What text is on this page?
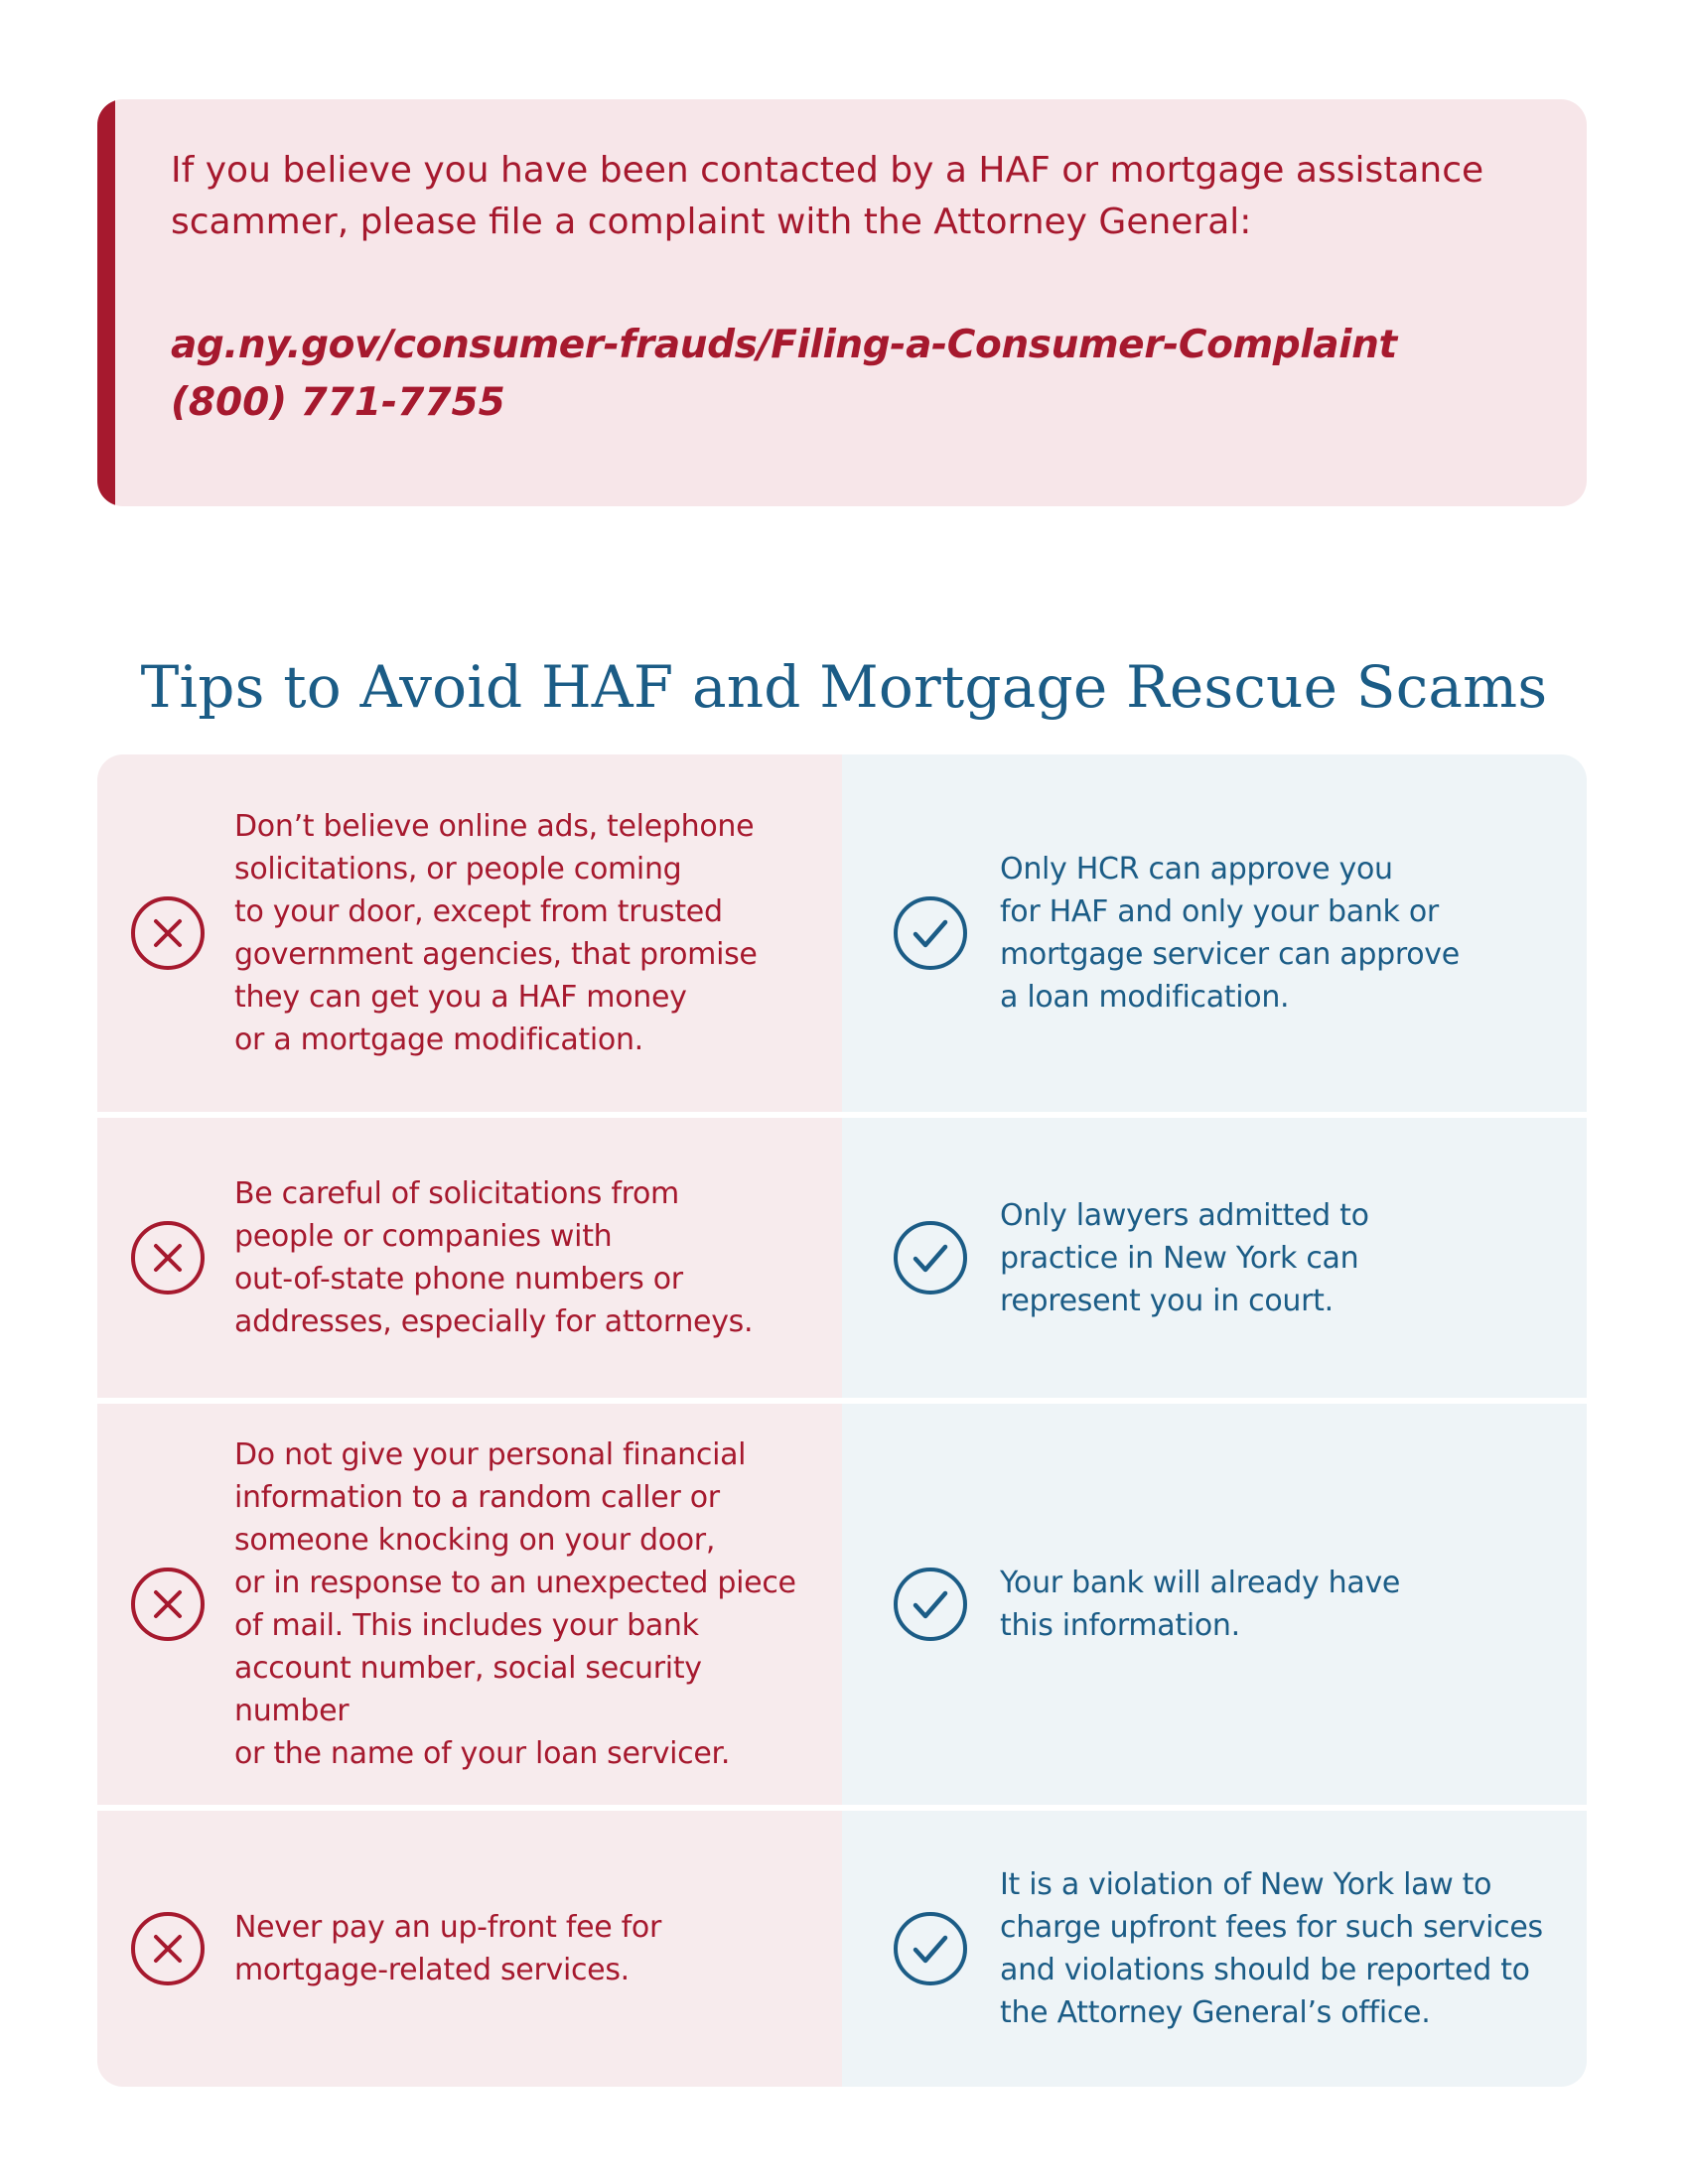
If you believe you have been contacted by a HAF or mortgage assistance scammer, please file a complaint with the Attorney General:

ag.ny.gov/consumer-frauds/Filing-a-Consumer-Complaint

(800) 771-7755

Tips to Avoid HAF and Mortgage Rescue Scams

Don’t believe online ads, telephone
solicitations, or people coming
to your door, except from trusted
government agencies, that promise
they can get you a HAF money
or a mortgage modification.

Only HCR can approve you
for HAF and only your bank or
mortgage servicer can approve
a loan modification.

Be careful of solicitations from
people or companies with
out-of-state phone numbers or
addresses, especially for attorneys.

Only lawyers admitted to
practice in New York can
represent you in court.

Do not give your personal financial
information to a random caller or
someone knocking on your door,
or in response to an unexpected piece
of mail. This includes your bank
account number, social security number
or the name of your loan servicer.

Your bank will already have
this information.

Never pay an up-front fee for
mortgage-related services.

It is a violation of New York law to
charge upfront fees for such services
and violations should be reported to
the Attorney General’s office.
